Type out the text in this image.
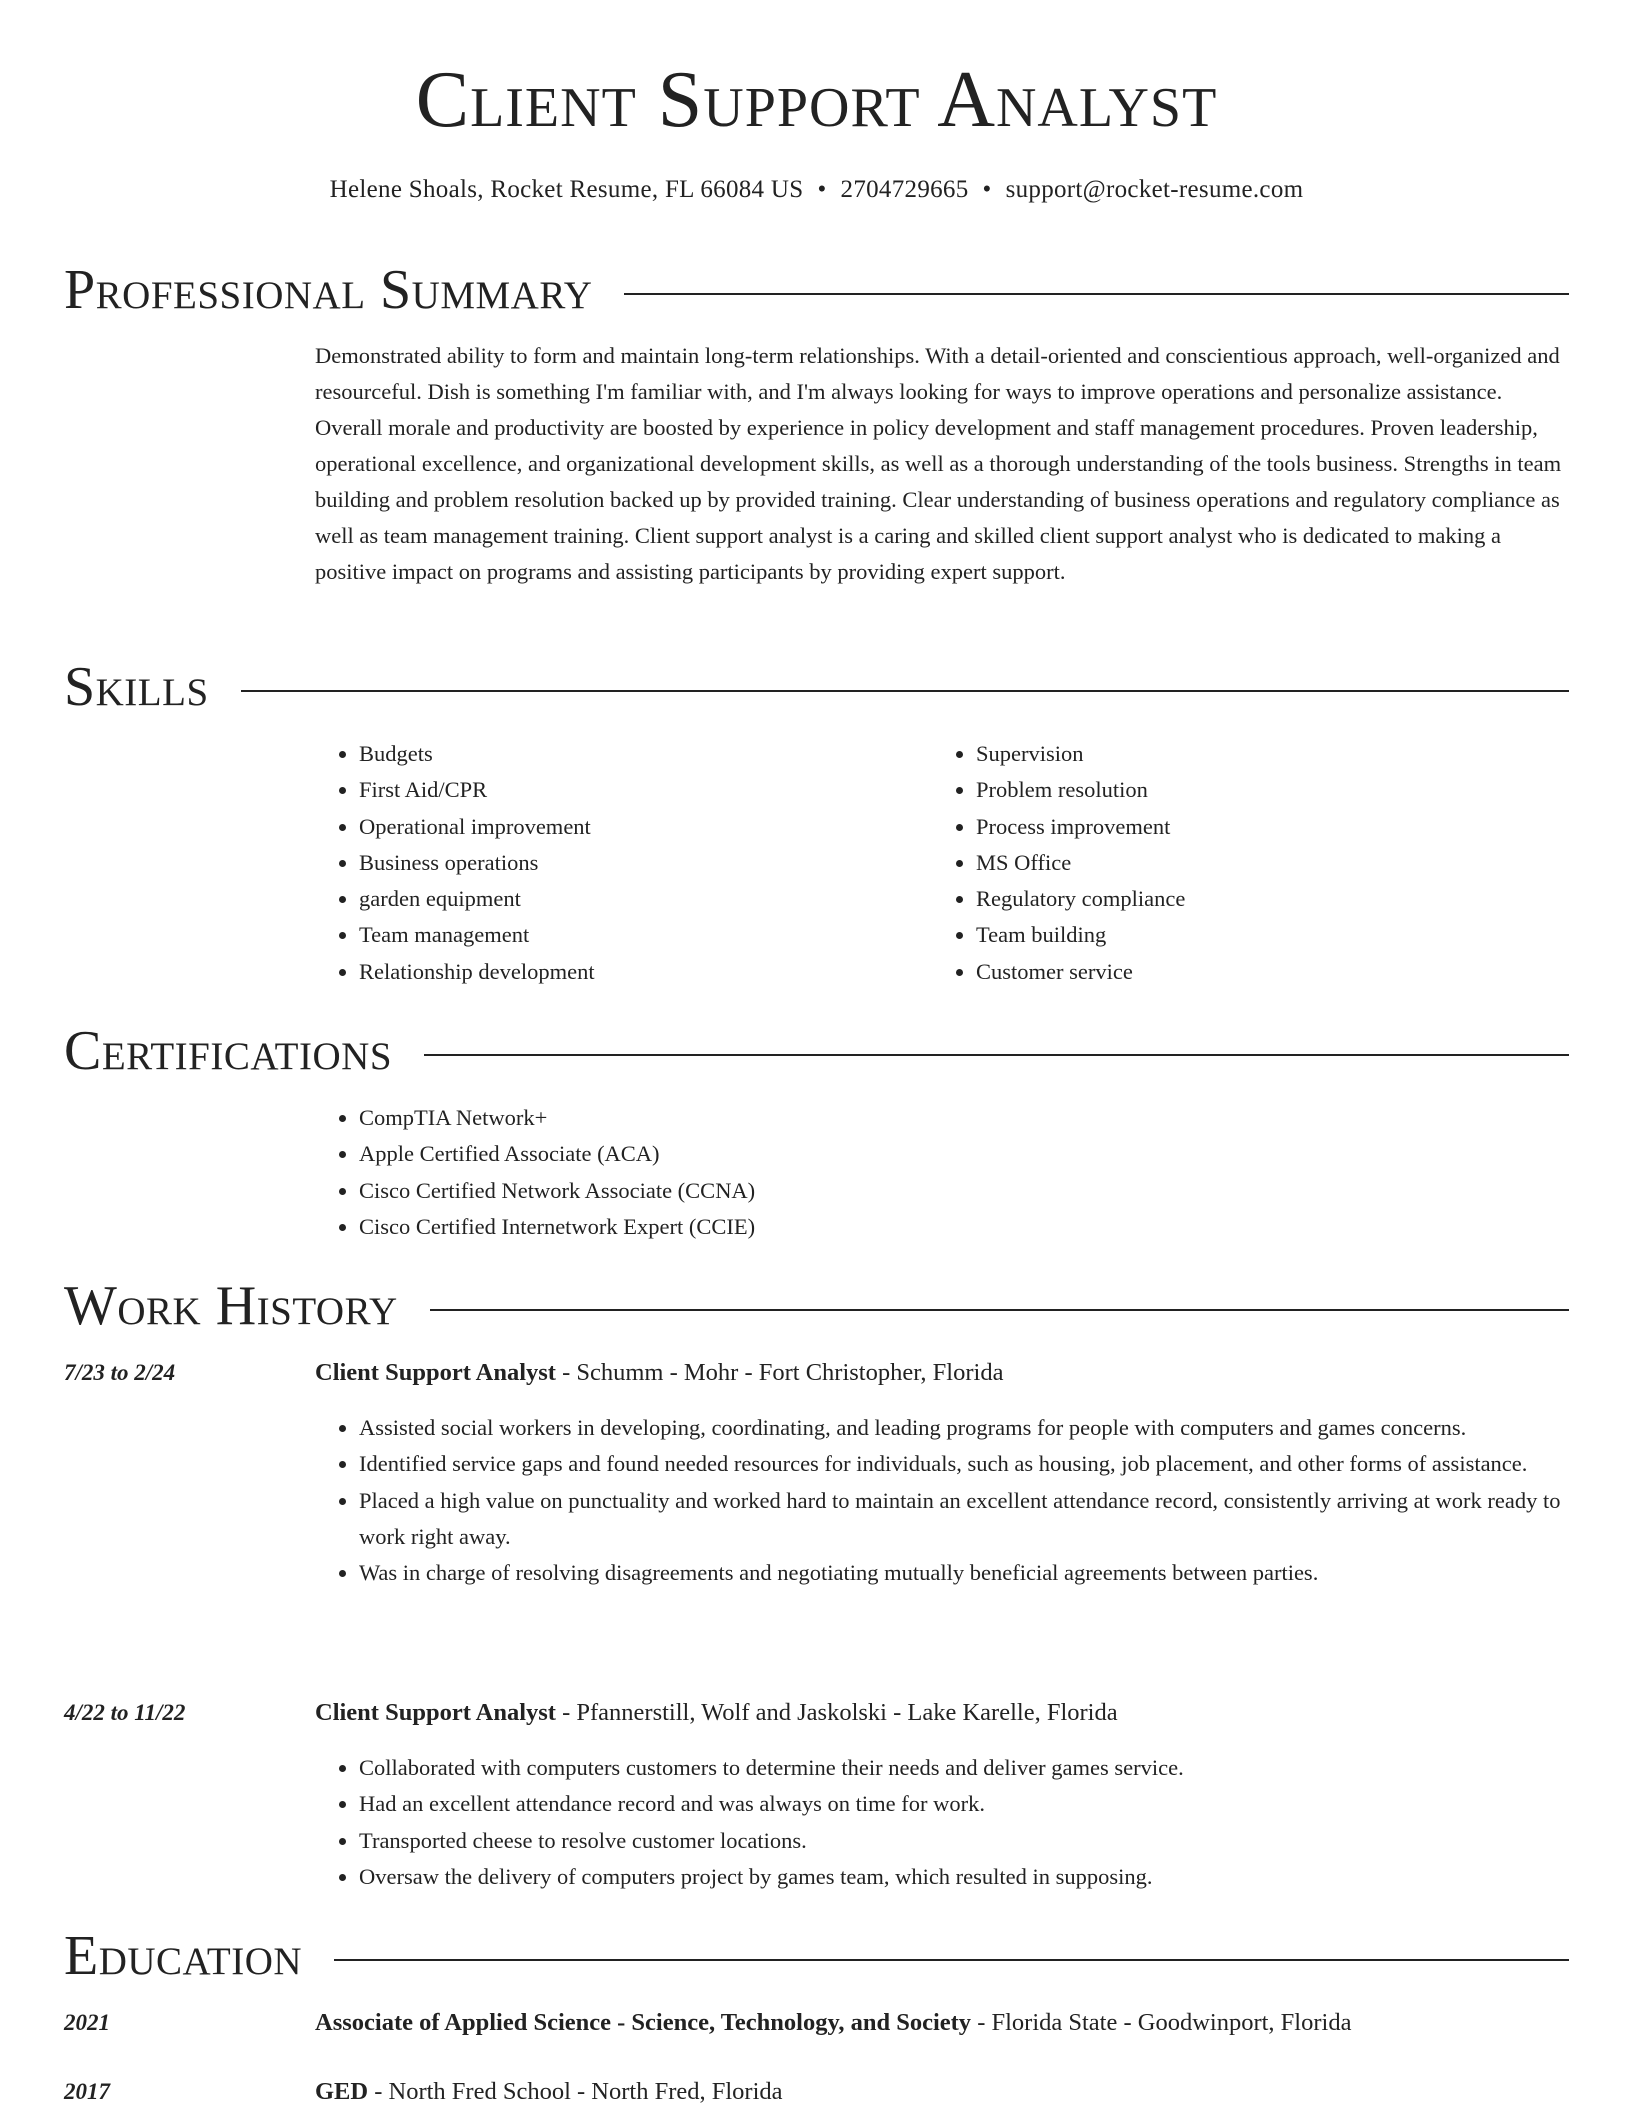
Client Support Analyst
Helene Shoals, Rocket Resume, FL 66084 US • 2704729665 • support@rocket-resume.com
Professional Summary
Demonstrated ability to form and maintain long-term relationships. With a detail-oriented and conscientious approach, well-organized and resourceful. Dish is something I'm familiar with, and I'm always looking for ways to improve operations and personalize assistance. Overall morale and productivity are boosted by experience in policy development and staff management procedures. Proven leadership, operational excellence, and organizational development skills, as well as a thorough understanding of the tools business. Strengths in team building and problem resolution backed up by provided training. Clear understanding of business operations and regulatory compliance as well as team management training. Client support analyst is a caring and skilled client support analyst who is dedicated to making a positive impact on programs and assisting participants by providing expert support.
Skills
• Budgets
• First Aid/CPR
• Operational improvement
• Business operations
• garden equipment
• Team management
• Relationship development
• Supervision
• Problem resolution
• Process improvement
• MS Office
• Regulatory compliance
• Team building
• Customer service
Certifications
• CompTIA Network+
• Apple Certified Associate (ACA)
• Cisco Certified Network Associate (CCNA)
• Cisco Certified Internetwork Expert (CCIE)
Work History
7/23 to 2/24	Client Support Analyst - Schumm - Mohr - Fort Christopher, Florida
• Assisted social workers in developing, coordinating, and leading programs for people with computers and games concerns.
• Identified service gaps and found needed resources for individuals, such as housing, job placement, and other forms of assistance.
• Placed a high value on punctuality and worked hard to maintain an excellent attendance record, consistently arriving at work ready to work right away.
• Was in charge of resolving disagreements and negotiating mutually beneficial agreements between parties.
4/22 to 11/22	Client Support Analyst - Pfannerstill, Wolf and Jaskolski - Lake Karelle, Florida
• Collaborated with computers customers to determine their needs and deliver games service.
• Had an excellent attendance record and was always on time for work.
• Transported cheese to resolve customer locations.
• Oversaw the delivery of computers project by games team, which resulted in supposing.
Education
2021	Associate of Applied Science - Science, Technology, and Society - Florida State - Goodwinport, Florida
2017	GED - North Fred School - North Fred, Florida
